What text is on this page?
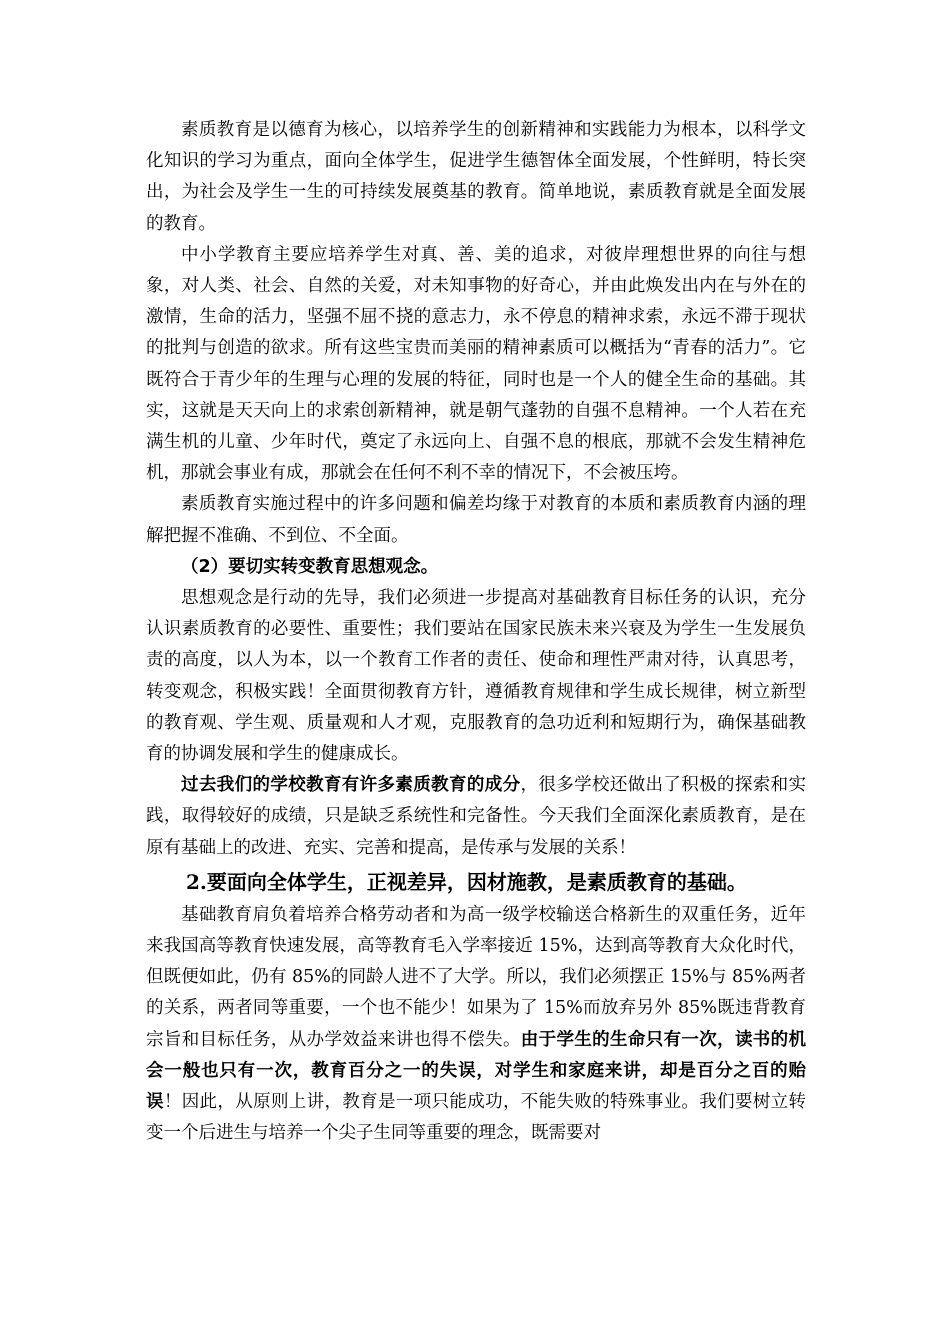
素质教育是以德育为核心，以培养学生的创新精神和实践能力为根本，以科学文化知识的学习为重点，面向全体学生，促进学生德智体全面发展，个性鲜明，特长突出，为社会及学生一生的可持续发展奠基的教育。简单地说，素质教育就是全面发展的教育。

中小学教育主要应培养学生对真、善、美的追求，对彼岸理想世界的向往与想象，对人类、社会、自然的关爱，对未知事物的好奇心，并由此焕发出内在与外在的激情，生命的活力，坚强不屈不挠的意志力，永不停息的精神求索，永远不滞于现状的批判与创造的欲求。所有这些宝贵而美丽的精神素质可以概括为“青春的活力”。它既符合于青少年的生理与心理的发展的特征，同时也是一个人的健全生命的基础。其实，这就是天天向上的求索创新精神，就是朝气蓬勃的自强不息精神。一个人若在充满生机的儿童、少年时代，奠定了永远向上、自强不息的根底，那就不会发生精神危机，那就会事业有成，那就会在任何不利不幸的情况下，不会被压垮。

素质教育实施过程中的许多问题和偏差均缘于对教育的本质和素质教育内涵的理解把握不准确、不到位、不全面。

（2）要切实转变教育思想观念。

思想观念是行动的先导，我们必须进一步提高对基础教育目标任务的认识，充分认识素质教育的必要性、重要性；我们要站在国家民族未来兴衰及为学生一生发展负责的高度，以人为本，以一个教育工作者的责任、使命和理性严肃对待，认真思考，转变观念，积极实践！全面贯彻教育方针，遵循教育规律和学生成长规律，树立新型的教育观、学生观、质量观和人才观，克服教育的急功近利和短期行为，确保基础教育的协调发展和学生的健康成长。

过去我们的学校教育有许多素质教育的成分，很多学校还做出了积极的探索和实践，取得较好的成绩，只是缺乏系统性和完备性。今天我们全面深化素质教育，是在原有基础上的改进、充实、完善和提高，是传承与发展的关系！

2.要面向全体学生，正视差异，因材施教，是素质教育的基础。

基础教育肩负着培养合格劳动者和为高一级学校输送合格新生的双重任务，近年来我国高等教育快速发展，高等教育毛入学率接近 15%，达到高等教育大众化时代，但既便如此，仍有 85%的同龄人进不了大学。所以，我们必须摆正 15%与 85%两者的关系，两者同等重要，一个也不能少！如果为了 15%而放弃另外 85%既违背教育宗旨和目标任务，从办学效益来讲也得不偿失。由于学生的生命只有一次，读书的机会一般也只有一次，教育百分之一的失误，对学生和家庭来讲，却是百分之百的贻误！因此，从原则上讲，教育是一项只能成功，不能失败的特殊事业。我们要树立转变一个后进生与培养一个尖子生同等重要的理念，既需要对
